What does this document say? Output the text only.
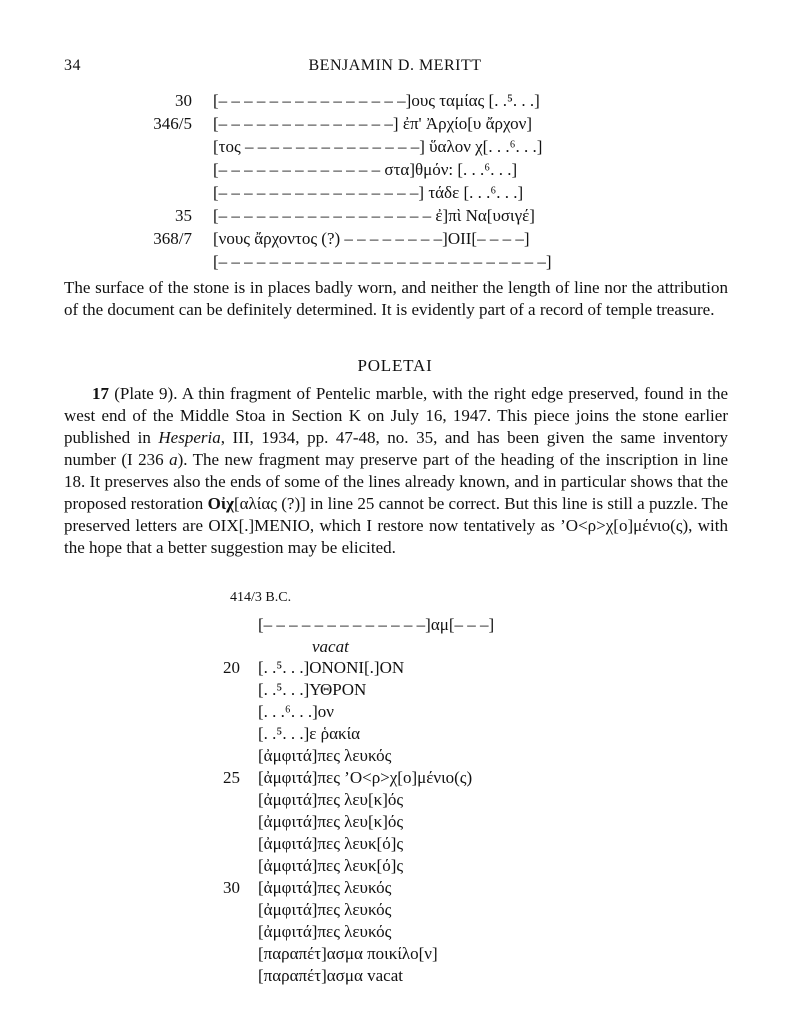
34	BENJAMIN D. MERITT
30 [– – – – – – – – – – – – – – –]ους ταμίας [. .⁵. . .]
346/5 [– – – – – – – – – – – – – –] ἐπ' Ἀρχίο[υ ἄρχον]
[τος – – – – – – – – – – – – – –] ὕαλον χ[. . .⁶. . .]
[– – – – – – – – – – – – – στα]θμόν: [. . .⁶. . .]
[– – – – – – – – – – – – – – – –] τάδε [. . .⁶. . .]
35 [– – – – – – – – – – – – – – – – – ἐ]πὶ Να[υσιγέ]
368/7 [νους ἄρχοντος (?) – – – – – – – –]ΟΙΙ[– – – –]
[– – – – – – – – – – – – – – – – – – – – – – – – – –]

The surface of the stone is in places badly worn, and neither the length of line nor the attribution of the document can be definitely determined. It is evidently part of a record of temple treasure.

POLETAI

17 (Plate 9). A thin fragment of Pentelic marble, with the right edge preserved, found in the west end of the Middle Stoa in Section K on July 16, 1947. This piece joins the stone earlier published in Hesperia, III, 1934, pp. 47-48, no. 35, and has been given the same inventory number (I 236 a). The new fragment may preserve part of the heading of the inscription in line 18. It preserves also the ends of some of the lines already known, and in particular shows that the proposed restoration Οἰχ[αλίας (?)] in line 25 cannot be correct. But this line is still a puzzle. The preserved letters are ΟΙΧ[.]ΜΕΝΙΟ, which I restore now tentatively as ’Ο<ρ>χ[ο]μένιο(ς), with the hope that a better suggestion may be elicited.

414/3 B.C.
[– – – – – – – – – – – – –]αμ[– – –]
vacat
20 [. .⁵. . .]ΟΝΟΝΙ[.]ΟΝ
[. .⁵. . .]ΥΘΡΟΝ
[. . .⁶. . .]ον
[. .⁵. . .]ε ῥακία
[ἀμφιτά]πες λευκός
25 [ἀμφιτά]πες ’Ο<ρ>χ[ο]μένιο(ς)
[ἀμφιτά]πες λευ[κ]ός
[ἀμφιτά]πες λευ[κ]ός
[ἀμφιτά]πες λευκ[ό]ς
[ἀμφιτά]πες λευκ[ό]ς
30 [ἀμφιτά]πες λευκός
[ἀμφιτά]πες λευκός
[ἀμφιτά]πες λευκός
[παραπέτ]ασμα ποικίλο[ν]
[παραπέτ]ασμα vacat
